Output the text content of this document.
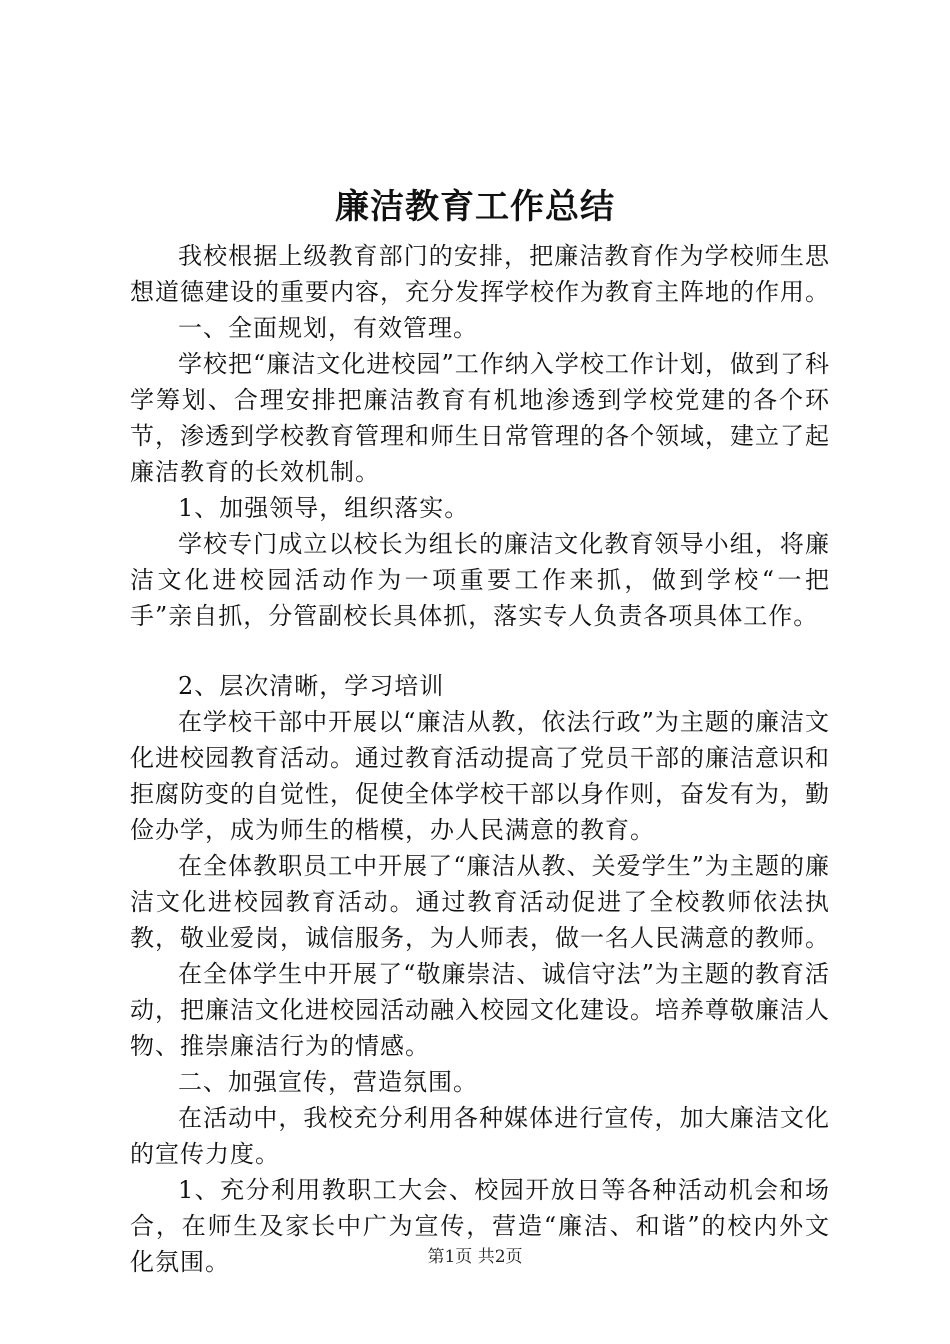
廉洁教育工作总结

我校根据上级教育部门的安排，把廉洁教育作为学校师生思想道德建设的重要内容，充分发挥学校作为教育主阵地的作用。

一、全面规划，有效管理。

学校把“廉洁文化进校园”工作纳入学校工作计划，做到了科学筹划、合理安排把廉洁教育有机地渗透到学校党建的各个环节，渗透到学校教育管理和师生日常管理的各个领域，建立了起廉洁教育的长效机制。

1、加强领导，组织落实。

学校专门成立以校长为组长的廉洁文化教育领导小组，将廉洁文化进校园活动作为一项重要工作来抓，做到学校“一把手”亲自抓，分管副校长具体抓，落实专人负责各项具体工作。

2、层次清晰，学习培训

在学校干部中开展以“廉洁从教，依法行政”为主题的廉洁文化进校园教育活动。通过教育活动提高了党员干部的廉洁意识和拒腐防变的自觉性，促使全体学校干部以身作则，奋发有为，勤俭办学，成为师生的楷模，办人民满意的教育。

在全体教职员工中开展了“廉洁从教、关爱学生”为主题的廉洁文化进校园教育活动。通过教育活动促进了全校教师依法执教，敬业爱岗，诚信服务，为人师表，做一名人民满意的教师。

在全体学生中开展了“敬廉崇洁、诚信守法”为主题的教育活动，把廉洁文化进校园活动融入校园文化建设。培养尊敬廉洁人物、推崇廉洁行为的情感。

二、加强宣传，营造氛围。

在活动中，我校充分利用各种媒体进行宣传，加大廉洁文化的宣传力度。

1、充分利用教职工大会、校园开放日等各种活动机会和场合，在师生及家长中广为宣传，营造“廉洁、和谐”的校内外文化氛围。	第1页 共2页
